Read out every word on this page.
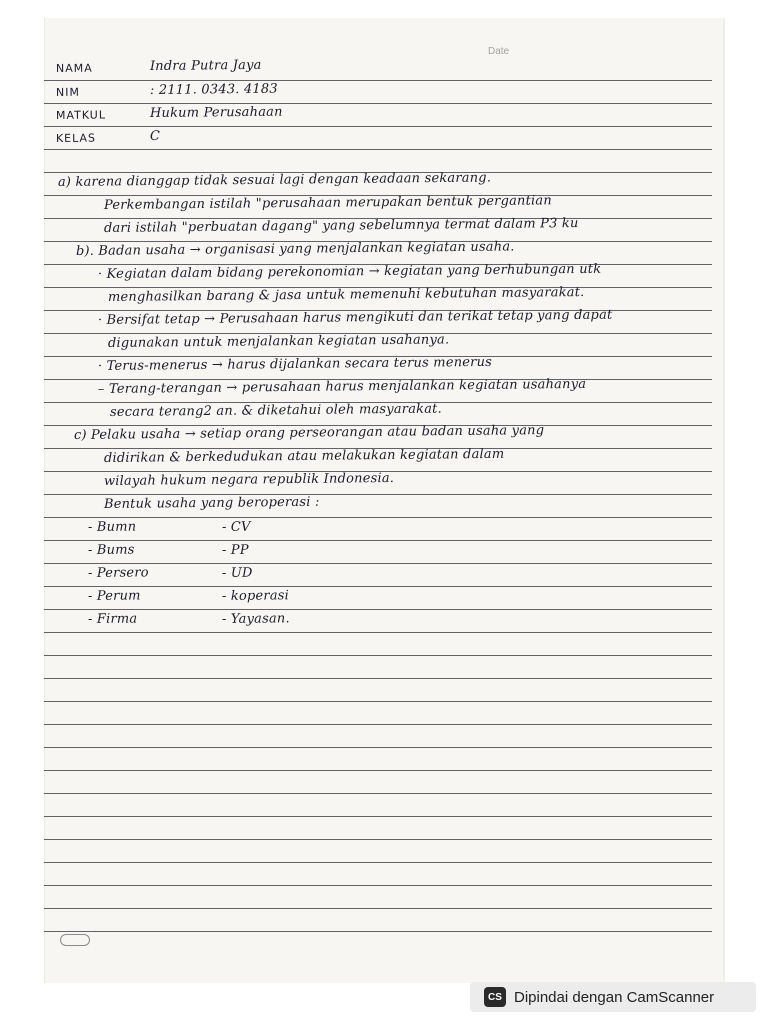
Date
NAMA	Indra Putra Jaya
NIM	: 2111. 0343. 4183
MATKUL	Hukum Perusahaan
KELAS	C
a) karena dianggap tidak sesuai lagi dengan keadaan sekarang.
Perkembangan istilah "perusahaan merupakan bentuk pergantian
dari istilah "perbuatan dagang" yang sebelumnya termat dalam P3 ku
b). Badan usaha → organisasi yang menjalankan kegiatan usaha.
· Kegiatan dalam bidang perekonomian → kegiatan yang berhubungan utk
menghasilkan barang & jasa untuk memenuhi kebutuhan masyarakat.
· Bersifat tetap → Perusahaan harus mengikuti dan terikat tetap yang dapat
digunakan untuk menjalankan kegiatan usahanya.
· Terus-menerus → harus dijalankan secara terus menerus
– Terang-terangan → perusahaan harus menjalankan kegiatan usahanya
secara terang2 an. & diketahui oleh masyarakat.
c) Pelaku usaha → setiap orang perseorangan atau badan usaha yang
didirikan & berkedudukan atau melakukan kegiatan dalam
wilayah hukum negara republik Indonesia.
Bentuk usaha yang beroperasi :
- Bumn	- CV
- Bums	- PP
- Persero	- UD
- Perum	- koperasi
- Firma	- Yayasan.
CS Dipindai dengan CamScanner
